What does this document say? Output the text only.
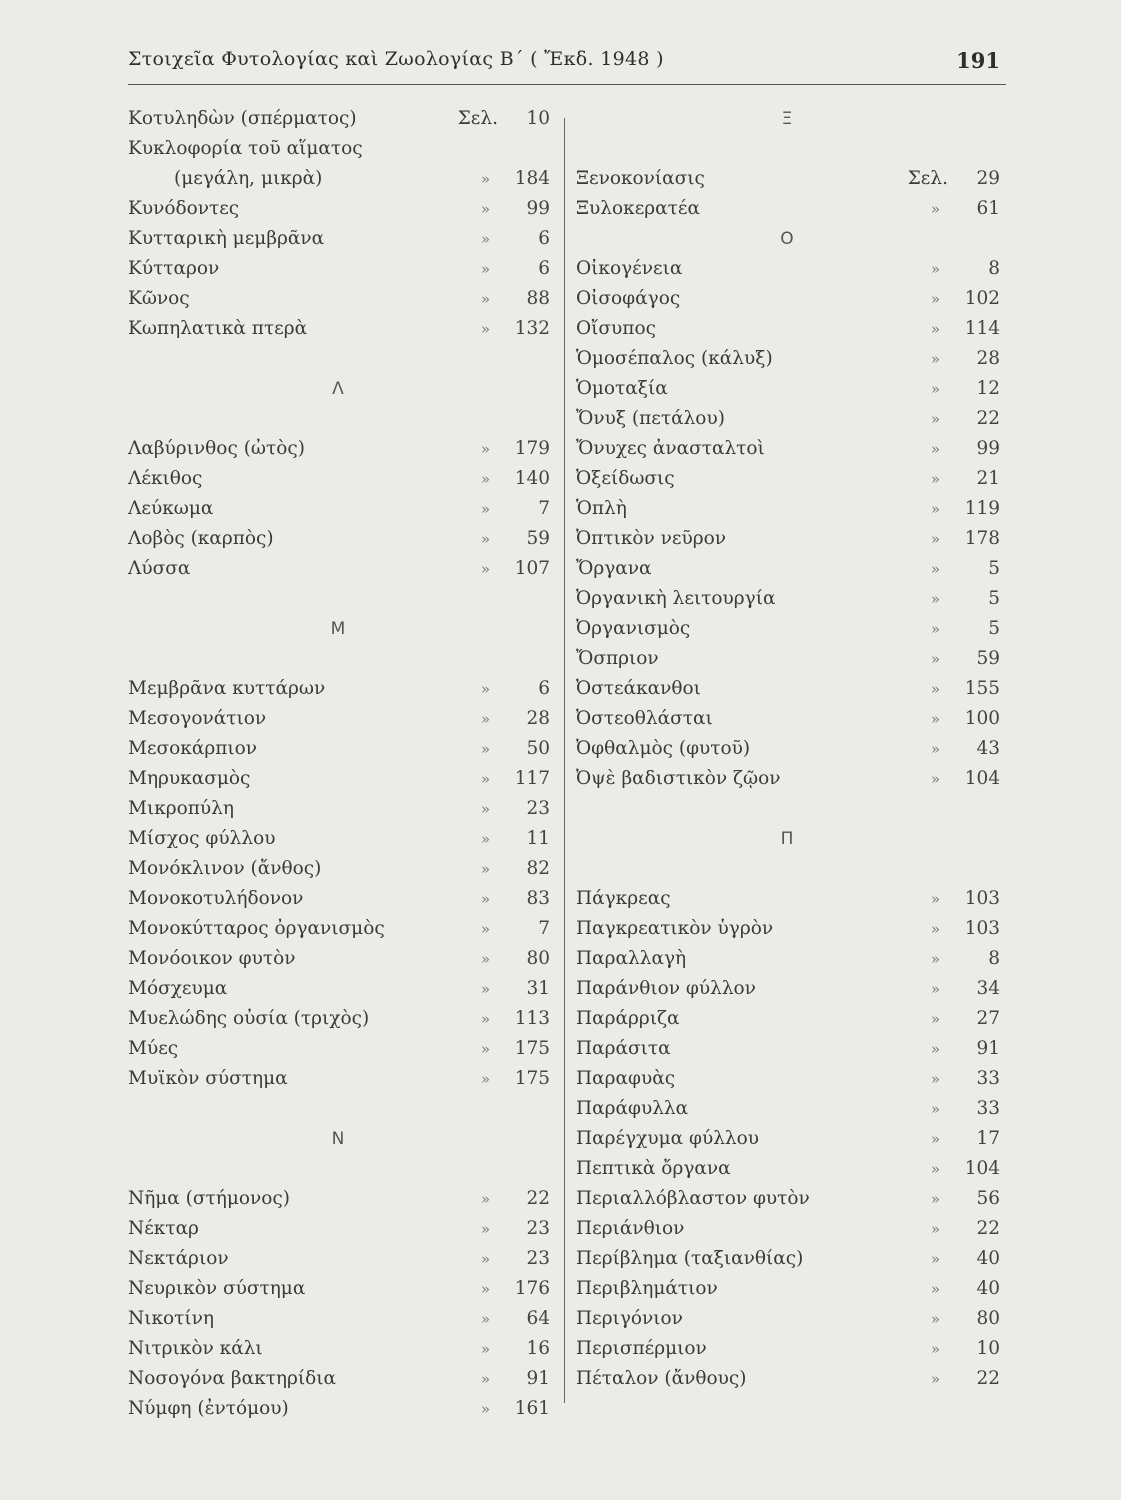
Στοιχεῖα Φυτολογίας καὶ Ζωολογίας Β΄ ( Ἔκδ. 1948 )	191
Κοτυληδὼν (σπέρματος)	Σελ. 10
Κυκλοφορία τοῦ αἵματος
(μεγάλη, μικρὰ)	» 184
Κυνόδοντες	» 99
Κυτταρικὴ μεμβρᾶνα	»	6
Κύτταρον	»	6
Κῶνος	» 88
Κωπηλατικὰ πτερὰ	» 132
Λ
Λαβύρινθος (ὠτὸς)	» 179
Λέκιθος	» 140
Λεύκωμα	»	7
Λοβὸς (καρπὸς)	» 59
Λύσσα	» 107
Μ
Μεμβρᾶνα κυττάρων	»	6
Μεσογονάτιον	» 28
Μεσοκάρπιον	» 50
Μηρυκασμὸς	» 117
Μικροπύλη	» 23
Μίσχος φύλλου	» 11
Μονόκλινον (ἄνθος)	» 82
Μονοκοτυλήδονον	» 83
Μονοκύτταρος ὀργανισμὸς	»	7
Μονόοικον φυτὸν	» 80
Μόσχευμα	» 31
Μυελώδης οὐσία (τριχὸς)	» 113
Μύες	» 175
Μυϊκὸν σύστημα	» 175
Ν
Νῆμα (στήμονος)	» 22
Νέκταρ	» 23
Νεκτάριον	» 23
Νευρικὸν σύστημα	» 176
Νικοτίνη	» 64
Νιτρικὸν κάλι	» 16
Νοσογόνα βακτηρίδια	» 91
Νύμφη (ἐντόμου)	» 161
Ξ
Ξενοκονίασις	Σελ. 29
Ξυλοκερατέα	» 61
Ο
Οἰκογένεια	»	8
Οἰσοφάγος	» 102
Οἴσυπος	» 114
Ὁμοσέπαλος (κάλυξ)	» 28
Ὁμοταξία	» 12
Ὄνυξ (πετάλου)	» 22
Ὄνυχες ἀνασταλτοὶ	» 99
Ὀξείδωσις	» 21
Ὁπλὴ	» 119
Ὀπτικὸν νεῦρον	» 178
Ὄργανα	»	5
Ὀργανικὴ λειτουργία	»	5
Ὀργανισμὸς	»	5
Ὄσπριον	» 59
Ὀστεάκανθοι	» 155
Ὀστεοθλάσται	» 100
Ὀφθαλμὸς (φυτοῦ)	» 43
Ὀψὲ βαδιστικὸν ζῷον	» 104
Π
Πάγκρεας	» 103
Παγκρεατικὸν ὑγρὸν	» 103
Παραλλαγὴ	»	8
Παράνθιον φύλλον	» 34
Παράρριζα	» 27
Παράσιτα	» 91
Παραφυὰς	» 33
Παράφυλλα	» 33
Παρέγχυμα φύλλου	» 17
Πεπτικὰ ὄργανα	» 104
Περιαλλόβλαστον φυτὸν	» 56
Περιάνθιον	» 22
Περίβλημα (ταξιανθίας)	» 40
Περιβλημάτιον	» 40
Περιγόνιον	» 80
Περισπέρμιον	» 10
Πέταλον (ἄνθους)	» 22
